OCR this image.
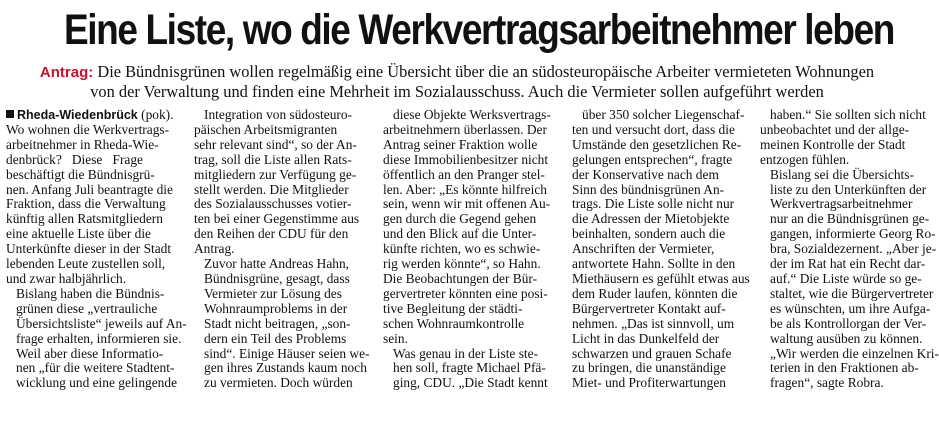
Eine Liste, wo die Werkvertragsarbeitnehmer leben
Antrag: Die Bündnisgrünen wollen regelmäßig eine Übersicht über die an südosteuropäische Arbeiter vermieteten Wohnungen
von der Verwaltung und finden eine Mehrheit im Sozialausschuss. Auch die Vermieter sollen aufgeführt werden
Rheda-Wiedenbrück (pok).

Wo wohnen die Werkvertrags-
arbeitnehmer in Rheda-Wie-
denbrück? Diese Frage
beschäftigt die Bündnisgrü-
nen. Anfang Juli beantragte die
Fraktion, dass die Verwaltung
künftig allen Ratsmitgliedern
eine aktuelle Liste über die
Unterkünfte dieser in der Stadt
lebenden Leute zustellen soll,
und zwar halbjährlich.

Bislang haben die Bündnis-
grünen diese „vertrauliche
Übersichtsliste“ jeweils auf An-
frage erhalten, informieren sie.
Weil aber diese Informatio-
nen „für die weitere Stadtent-
wicklung und eine gelingende

Integration von südosteuro-
päischen Arbeitsmigranten
sehr relevant sind“, so der An-
trag, soll die Liste allen Rats-
mitgliedern zur Verfügung ge-
stellt werden. Die Mitglieder
des Sozialausschusses votier-
ten bei einer Gegenstimme aus
den Reihen der CDU für den
Antrag.

Zuvor hatte Andreas Hahn,
Bündnisgrüne, gesagt, dass
Vermieter zur Lösung des
Wohnraumproblems in der
Stadt nicht beitragen, „son-
dern ein Teil des Problems
sind“. Einige Häuser seien we-
gen ihres Zustands kaum noch
zu vermieten. Doch würden

diese Objekte Werksvertrags-
arbeitnehmern überlassen. Der
Antrag seiner Fraktion wolle
diese Immobilienbesitzer nicht
öffentlich an den Pranger stel-
len. Aber: „Es könnte hilfreich
sein, wenn wir mit offenen Au-
gen durch die Gegend gehen
und den Blick auf die Unter-
künfte richten, wo es schwie-
rig werden könnte“, so Hahn.
Die Beobachtungen der Bür-
gervertreter könnten eine posi-
tive Begleitung der städti-
schen Wohnraumkontrolle
sein.

Was genau in der Liste ste-
hen soll, fragte Michael Pfä-
ging, CDU. „Die Stadt kennt

über 350 solcher Liegenschaf-
ten und versucht dort, dass die
Umstände den gesetzlichen Re-
gelungen entsprechen“, fragte
der Konservative nach dem
Sinn des bündnisgrünen An-
trags. Die Liste solle nicht nur
die Adressen der Mietobjekte
beinhalten, sondern auch die
Anschriften der Vermieter,
antwortete Hahn. Sollte in den
Miethäusern es gefühlt etwas aus
dem Ruder laufen, könnten die
Bürgervertreter Kontakt auf-
nehmen. „Das ist sinnvoll, um
Licht in das Dunkelfeld der
schwarzen und grauen Schafe
zu bringen, die unanständige
Miet- und Profiterwartungen

haben.“ Sie sollten sich nicht
unbeobachtet und der allge-
meinen Kontrolle der Stadt
entzogen fühlen.

Bislang sei die Übersichts-
liste zu den Unterkünften der
Werkvertragsarbeitnehmer
nur an die Bündnisgrünen ge-
gangen, informierte Georg Ro-
bra, Sozialdezernent. „Aber je-
der im Rat hat ein Recht dar-
auf.“ Die Liste würde so ge-
staltet, wie die Bürgervertreter
es wünschten, um ihre Aufga-
be als Kontrollorgan der Ver-
waltung ausüben zu können.
„Wir werden die einzelnen Kri-
terien in den Fraktionen ab-
fragen“, sagte Robra.
